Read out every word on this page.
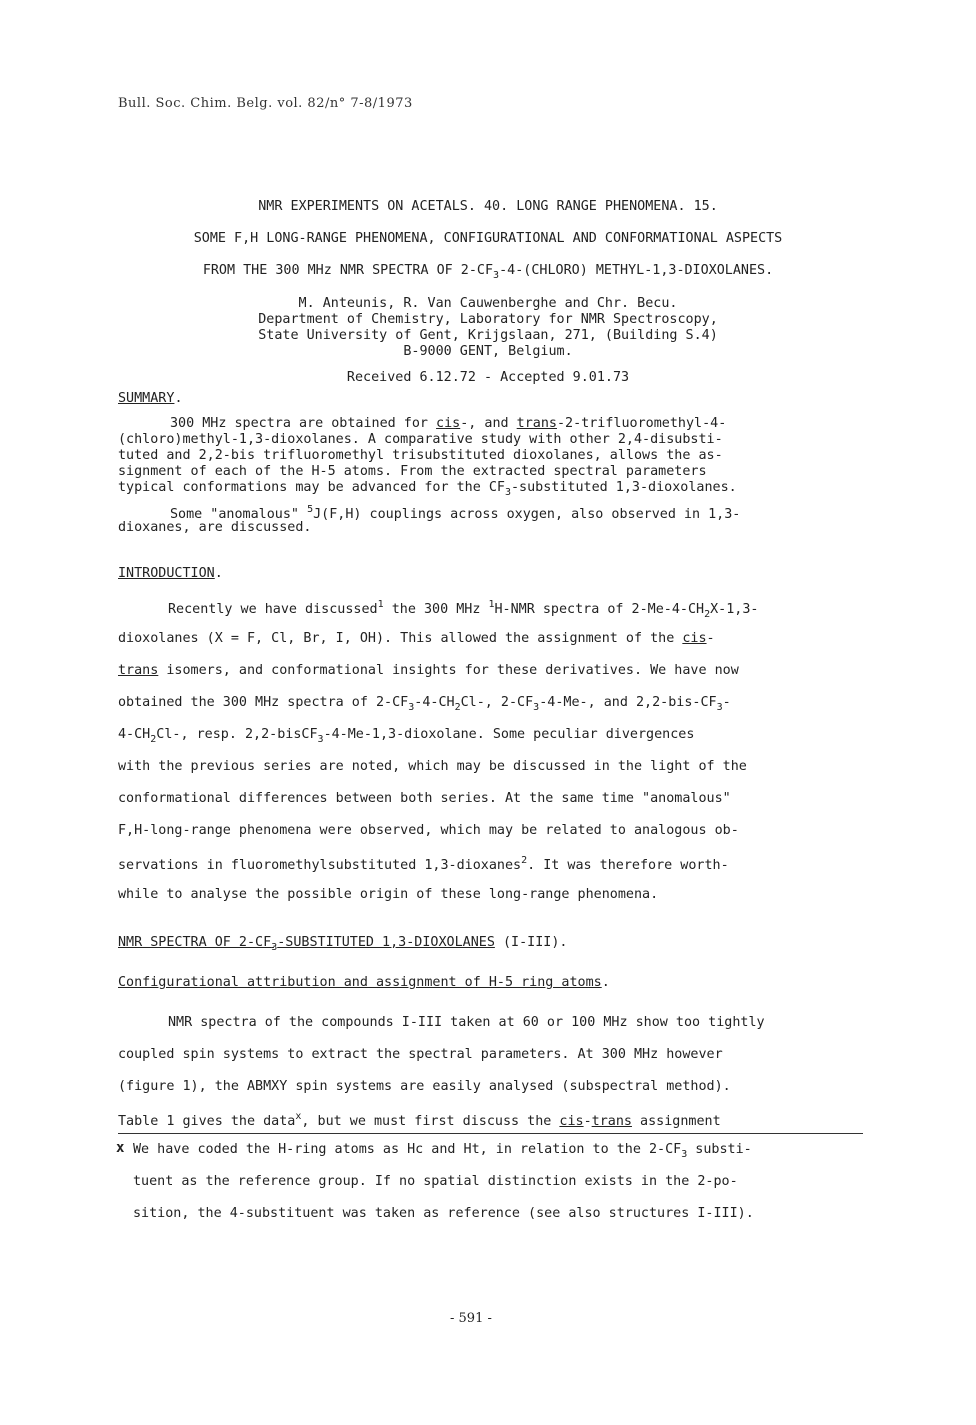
Bull. Soc. Chim. Belg. vol. 82/n° 7-8/1973
NMR EXPERIMENTS ON ACETALS. 40. LONG RANGE PHENOMENA. 15.
SOME F,H LONG-RANGE PHENOMENA, CONFIGURATIONAL AND CONFORMATIONAL ASPECTS
FROM THE 300 MHz NMR SPECTRA OF $2-CF_3-4-(CHLORO)$ METHYL-1,3-DIOXOLANES.
M. Anteunis, R. Van Cauwenberghe and Chr. Becu.
Department of Chemistry, Laboratory for NMR Spectroscopy,
State University of Gent, Krijgslaan, 271, (Building S.4)
B-9000 GENT, Belgium.
Received 6.12.72 - Accepted 9.01.73
SUMMARY.
300 MHz spectra are obtained for cis-, and trans-2-trifluoromethyl-4-
(chloro)methyl-1,3-dioxolanes. A comparative study with other 2,4-disubsti-
tuted and 2,2-bis trifluoromethyl trisubstituted dioxolanes, allows the as-
signment of each of the H-5 atoms. From the extracted spectral parameters
typical conformations may be advanced for the $CF_3$-substituted 1,3-dioxolanes.
Some "anomalous" $^5$J(F,H) couplings across oxygen, also observed in 1,3-
dioxanes, are discussed.
INTRODUCTION.
Recently we have discussed$^1$ the 300 MHz $^1$H-NMR spectra of $2-Me-4-CH_2X-1,3-$
dioxolanes (X = F, Cl, Br, I, OH). This allowed the assignment of the cis-
trans isomers, and conformational insights for these derivatives. We have now
obtained the 300 MHz spectra of $2-CF_3-4-CH_2Cl-$, $2-CF_3-4-Me-$, and $2,2-bis-CF_3-$
$4-CH_2Cl-$, resp. 2,2-bisCF$_3$-4-Me-1,3-dioxolane. Some peculiar divergences
with the previous series are noted, which may be discussed in the light of the
conformational differences between both series. At the same time "anomalous"
F,H-long-range phenomena were observed, which may be related to analogous ob-
servations in fluoromethylsubstituted 1,3-dioxanes$^2$. It was therefore worth-
while to analyse the possible origin of these long-range phenomena.
NMR SPECTRA OF $2-CF_3$-SUBSTITUTED 1,3-DIOXOLANES (I-III).
Configurational attribution and assignment of H-5 ring atoms.
NMR spectra of the compounds I-III taken at 60 or 100 MHz show too tightly
coupled spin systems to extract the spectral parameters. At 300 MHz however
(figure 1), the ABMXY spin systems are easily analysed (subspectral method).
Table 1 gives the data$^x$, but we must first discuss the cis-trans assignment
x We have coded the H-ring atoms as Hc and Ht, in relation to the $2-CF_3$ substi-
tuent as the reference group. If no spatial distinction exists in the 2-po-
sition, the 4-substituent was taken as reference (see also structures I-III).
- 591 -
